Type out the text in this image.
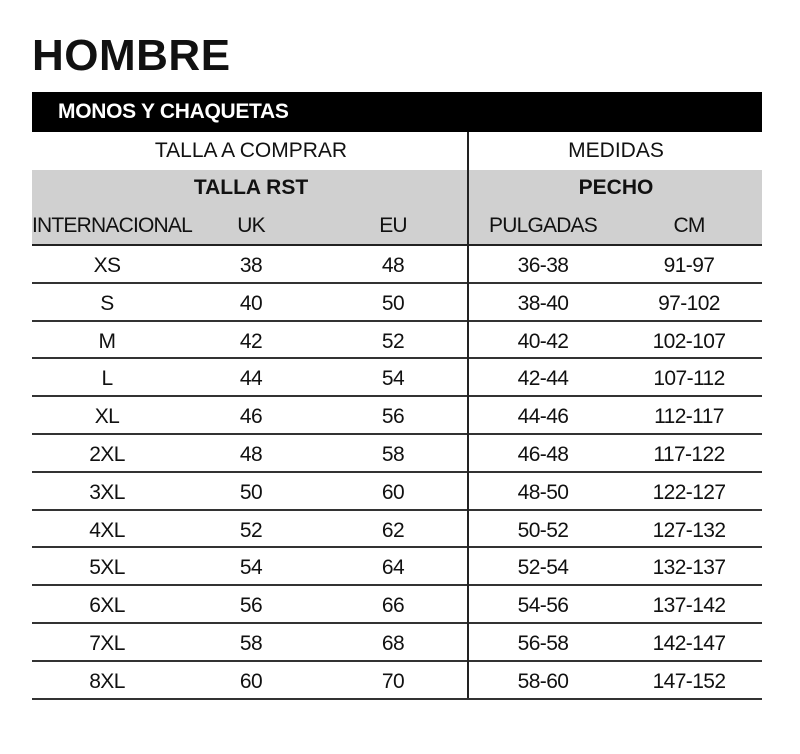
HOMBRE
MONOS Y CHAQUETAS
TALLA A COMPRAR	MEDIDAS
TALLA RST	PECHO
INTERNACIONAL	UK	EU	PULGADAS	CM
XS	38	48	36-38	91-97
S	40	50	38-40	97-102
M	42	52	40-42	102-107
L	44	54	42-44	107-112
XL	46	56	44-46	112-117
2XL	48	58	46-48	117-122
3XL	50	60	48-50	122-127
4XL	52	62	50-52	127-132
5XL	54	64	52-54	132-137
6XL	56	66	54-56	137-142
7XL	58	68	56-58	142-147
8XL	60	70	58-60	147-152
